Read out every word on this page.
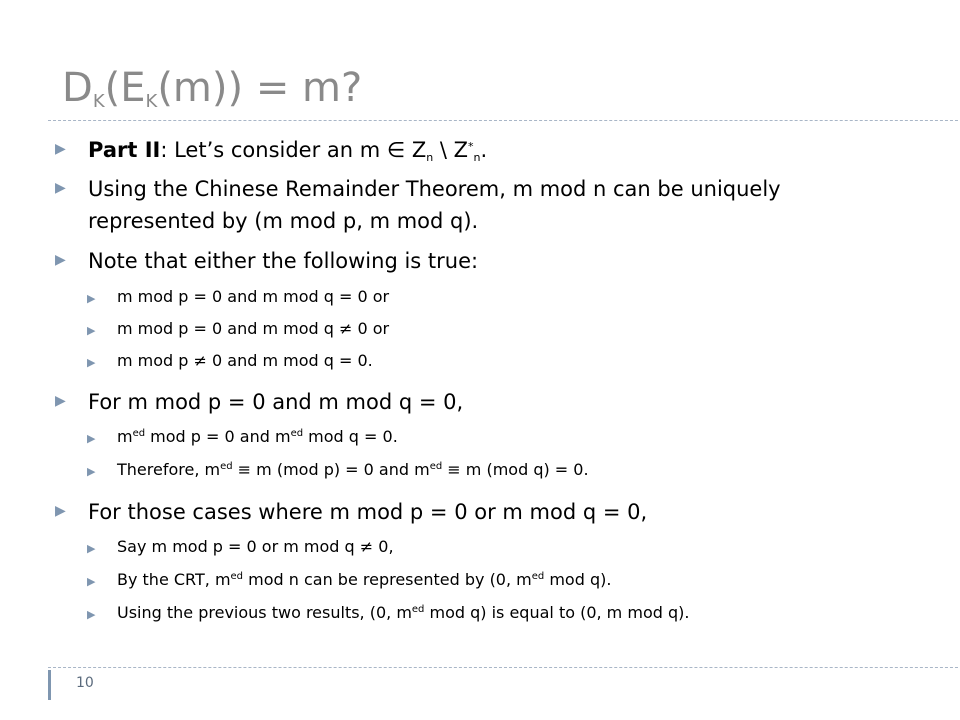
$D_K(E_K(m)) = m$?
▶ Part II: Let’s consider an m ∈ $Z_n$ \ $Z^*_n$.
▶ Using the Chinese Remainder Theorem, m mod n can be uniquely
represented by (m mod p, m mod q).
▶ Note that either the following is true:
▶ m mod p = 0 and m mod q = 0 or
▶ m mod p = 0 and m mod q ≠ 0 or
▶ m mod p ≠ 0 and m mod q = 0.
▶ For m mod p = 0 and m mod q = 0,
▶ $m^{ed}$ mod p = 0 and $m^{ed}$ mod q = 0.
▶ Therefore, $m^{ed} \equiv m$ (mod p) = 0 and $m^{ed} \equiv m$ (mod q) = 0.
▶ For those cases where m mod p = 0 or m mod q = 0,
▶ Say m mod p = 0 or m mod q ≠ 0,
▶ By the CRT, $m^{ed}$ mod n can be represented by (0, $m^{ed}$ mod q).
▶ Using the previous two results, (0, $m^{ed}$ mod q) is equal to (0, m mod q).
10
